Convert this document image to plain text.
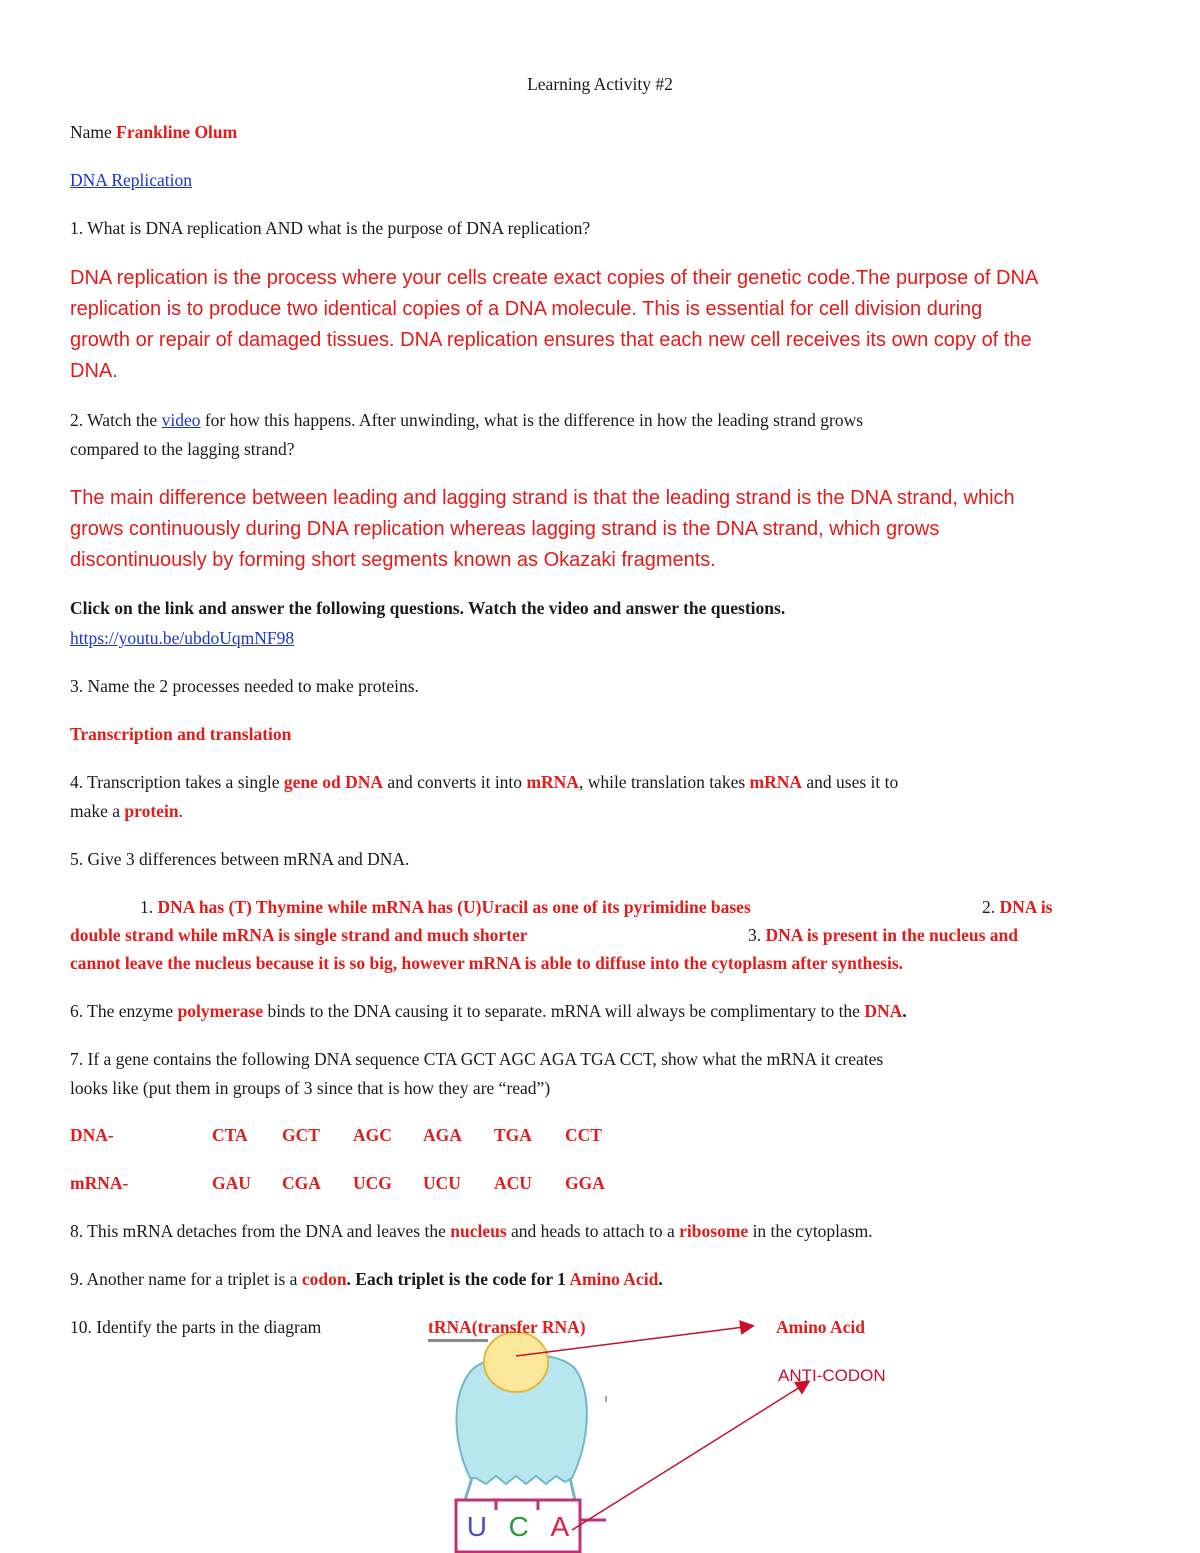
Learning Activity #2
Name Frankline Olum
DNA Replication
1. What is DNA replication AND what is the purpose of DNA replication?
DNA replication is the process where your cells create exact copies of their genetic code.The purpose of DNA
replication is to produce two identical copies of a DNA molecule. This is essential for cell division during
growth or repair of damaged tissues. DNA replication ensures that each new cell receives its own copy of the
DNA.
2. Watch the video for how this happens. After unwinding, what is the difference in how the leading strand grows
compared to the lagging strand?
The main difference between leading and lagging strand is that the leading strand is the DNA strand, which
grows continuously during DNA replication whereas lagging strand is the DNA strand, which grows
discontinuously by forming short segments known as Okazaki fragments.
Click on the link and answer the following questions. Watch the video and answer the questions.
https://youtu.be/ubdoUqmNF98
3. Name the 2 processes needed to make proteins.
Transcription and translation
4. Transcription takes a single gene od DNA and converts it into mRNA, while translation takes mRNA and uses it to
make a protein.
5. Give 3 differences between mRNA and DNA.
1. DNA has (T) Thymine while mRNA has (U)Uracil as one of its pyrimidine bases	2. DNA is
double strand while mRNA is single strand and much shorter	3. DNA is present in the nucleus and
cannot leave the nucleus because it is so big, however mRNA is able to diffuse into the cytoplasm after synthesis.
6. The enzyme polymerase binds to the DNA causing it to separate. mRNA will always be complimentary to the DNA.
7. If a gene contains the following DNA sequence CTA GCT AGC AGA TGA CCT, show what the mRNA it creates
looks like (put them in groups of 3 since that is how they are “read”)
DNA-	CTA GCT AGC AGA TGA CCT
mRNA-	GAU CGA UCG UCU ACU GGA
8. This mRNA detaches from the DNA and leaves the nucleus and heads to attach to a ribosome in the cytoplasm.
9. Another name for a triplet is a codon. Each triplet is the code for 1 Amino Acid.
10. Identify the parts in the diagram
U C A
tRNA(transfer RNA)	Amino Acid
ANTI-CODON
